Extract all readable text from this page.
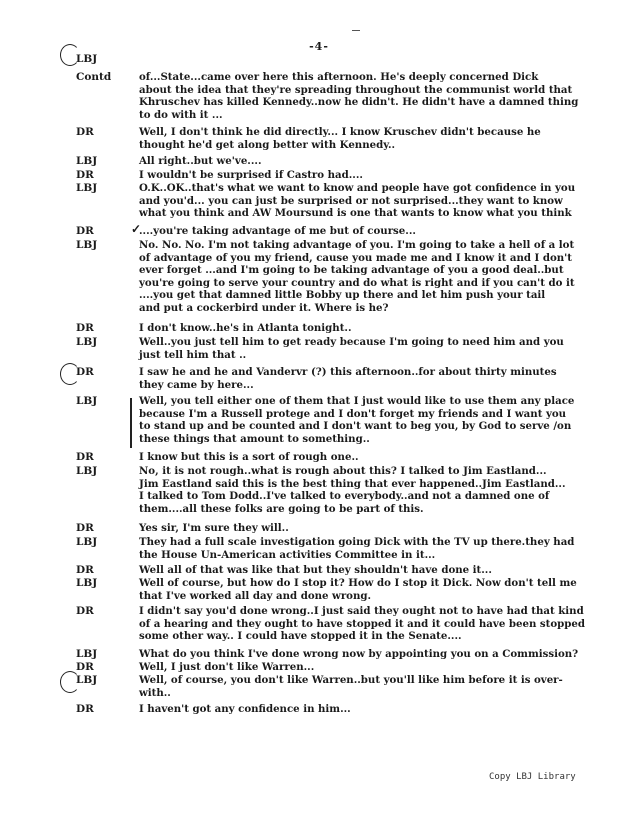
-4-
✓
LBJ
Contd	of...State...came over here this afternoon. He's deeply concerned Dick
about the idea that they're spreading throughout the communist world that
Khruschev has killed Kennedy..now he didn't. He didn't have a damned thing
to do with it ...
DR	Well, I don't think he did directly... I know Kruschev didn't because he
thought he'd get along better with Kennedy..
LBJ	All right..but we've....
DR	I wouldn't be surprised if Castro had....
LBJ	O.K..OK..that's what we want to know and people have got confidence in you
and you'd... you can just be surprised or not surprised...they want to know
what you think and AW Moursund is one that wants to know what you think
DR	....you're taking advantage of me but of course...
LBJ	No. No. No. I'm not taking advantage of you. I'm going to take a hell of a lot
of advantage of you my friend, cause you made me and I know it and I don't
ever forget ...and I'm going to be taking advantage of you a good deal..but
you're going to serve your country and do what is right and if you can't do it
....you get that damned little Bobby up there and let him push your tail
and put a cockerbird under it. Where is he?
DR	I don't know..he's in Atlanta tonight..
LBJ	Well..you just tell him to get ready because I'm going to need him and you
just tell him that ..
DR	I saw he and he and Vandervr (?) this afternoon..for about thirty minutes
they came by here...
LBJ	Well, you tell either one of them that I just would like to use them any place
because I'm a Russell protege and I don't forget my friends and I want you
to stand up and be counted and I don't want to beg you, by God to serve /on
these things that amount to something..
DR	I know but this is a sort of rough one..
LBJ	No, it is not rough..what is rough about this? I talked to Jim Eastland...
Jim Eastland said this is the best thing that ever happened..Jim Eastland...
I talked to Tom Dodd..I've talked to everybody..and not a damned one of
them....all these folks are going to be part of this.
DR	Yes sir, I'm sure they will..
LBJ	They had a full scale investigation going Dick with the TV up there.they had
the House Un-American activities Committee in it...
DR	Well all of that was like that but they shouldn't have done it...
LBJ	Well of course, but how do I stop it? How do I stop it Dick. Now don't tell me
that I've worked all day and done wrong.
DR	I didn't say you'd done wrong..I just said they ought not to have had that kind
of a hearing and they ought to have stopped it and it could have been stopped
some other way.. I could have stopped it in the Senate....
LBJ	What do you think I've done wrong now by appointing you on a Commission?
DR	Well, I just don't like Warren...
LBJ	Well, of course, you don't like Warren..but you'll like him before it is over-
with..
DR	I haven't got any confidence in him...
Copy LBJ Library
